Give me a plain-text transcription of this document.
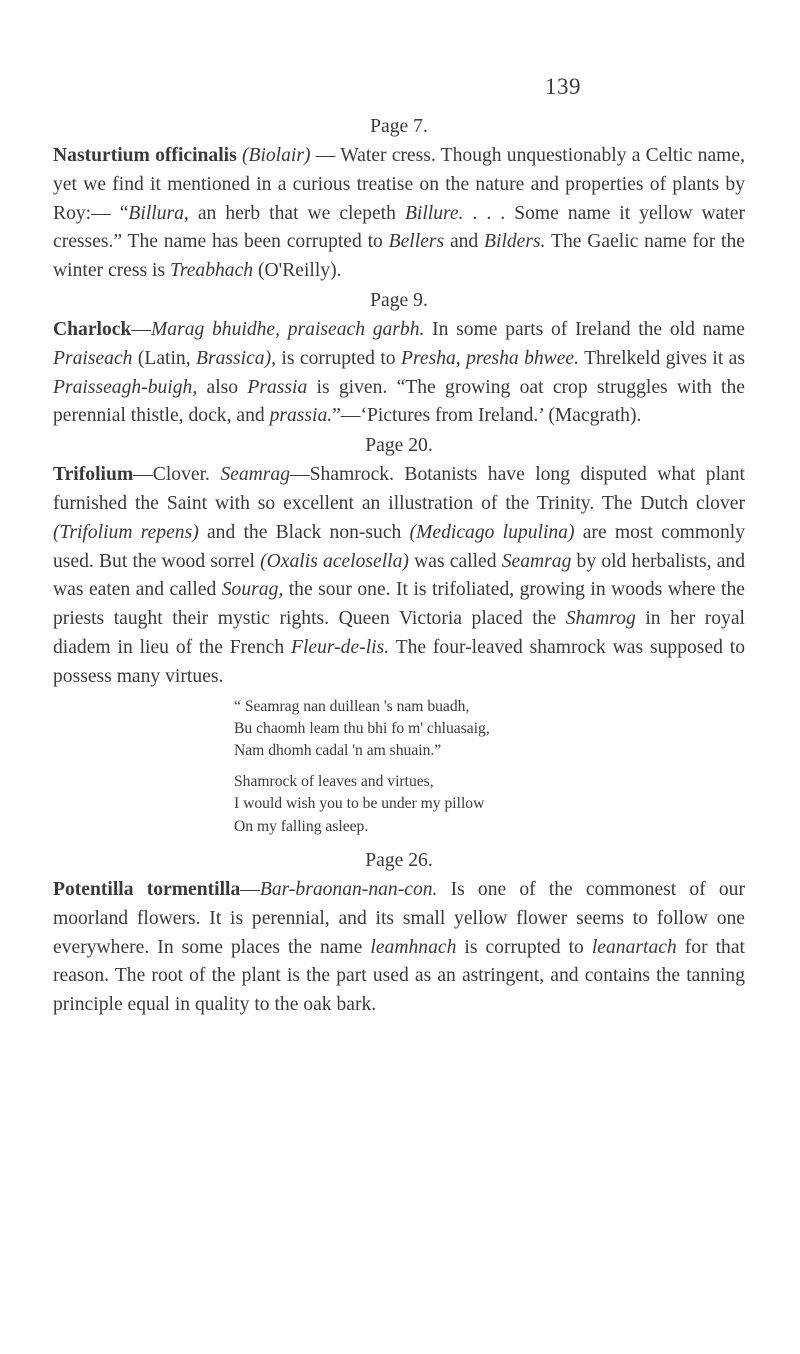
139
Page 7.

Nasturtium officinalis (Biolair) — Water cress. Though unquestionably a Celtic name, yet we find it mentioned in a curious treatise on the nature and properties of plants by Roy:— “Billura, an herb that we clepeth Billure. . . . Some name it yellow water cresses.” The name has been corrupted to Bellers and Bilders. The Gaelic name for the winter cress is Treabhach (O'Reilly).

Page 9.

Charlock—Marag bhuidhe, praiseach garbh. In some parts of Ireland the old name Praiseach (Latin, Brassica), is corrupted to Presha, presha bhwee. Threlkeld gives it as Praisseagh-buigh, also Prassia is given. “The growing oat crop struggles with the perennial thistle, dock, and prassia.”—‘Pictures from Ireland.’ (Macgrath).

Page 20.

Trifolium—Clover. Seamrag—Shamrock. Botanists have long disputed what plant furnished the Saint with so excellent an illustration of the Trinity. The Dutch clover (Trifolium repens) and the Black non-such (Medicago lupulina) are most commonly used. But the wood sorrel (Oxalis acelosella) was called Seamrag by old herbalists, and was eaten and called Sourag, the sour one. It is trifoliated, growing in woods where the priests taught their mystic rights. Queen Victoria placed the Shamrog in her royal diadem in lieu of the French Fleur-de-lis. The four-leaved shamrock was supposed to possess many virtues.

“ Seamrag nan duillean 's nam buadh,
Bu chaomh leam thu bhi fo m' chluasaig,
Nam dhomh cadal 'n am shuain.”
Shamrock of leaves and virtues,
I would wish you to be under my pillow
On my falling asleep.
Page 26.

Potentilla tormentilla—Bar-braonan-nan-con. Is one of the commonest of our moorland flowers. It is perennial, and its small yellow flower seems to follow one everywhere. In some places the name leamhnach is corrupted to leanartach for that reason. The root of the plant is the part used as an astringent, and contains the tanning principle equal in quality to the oak bark.
